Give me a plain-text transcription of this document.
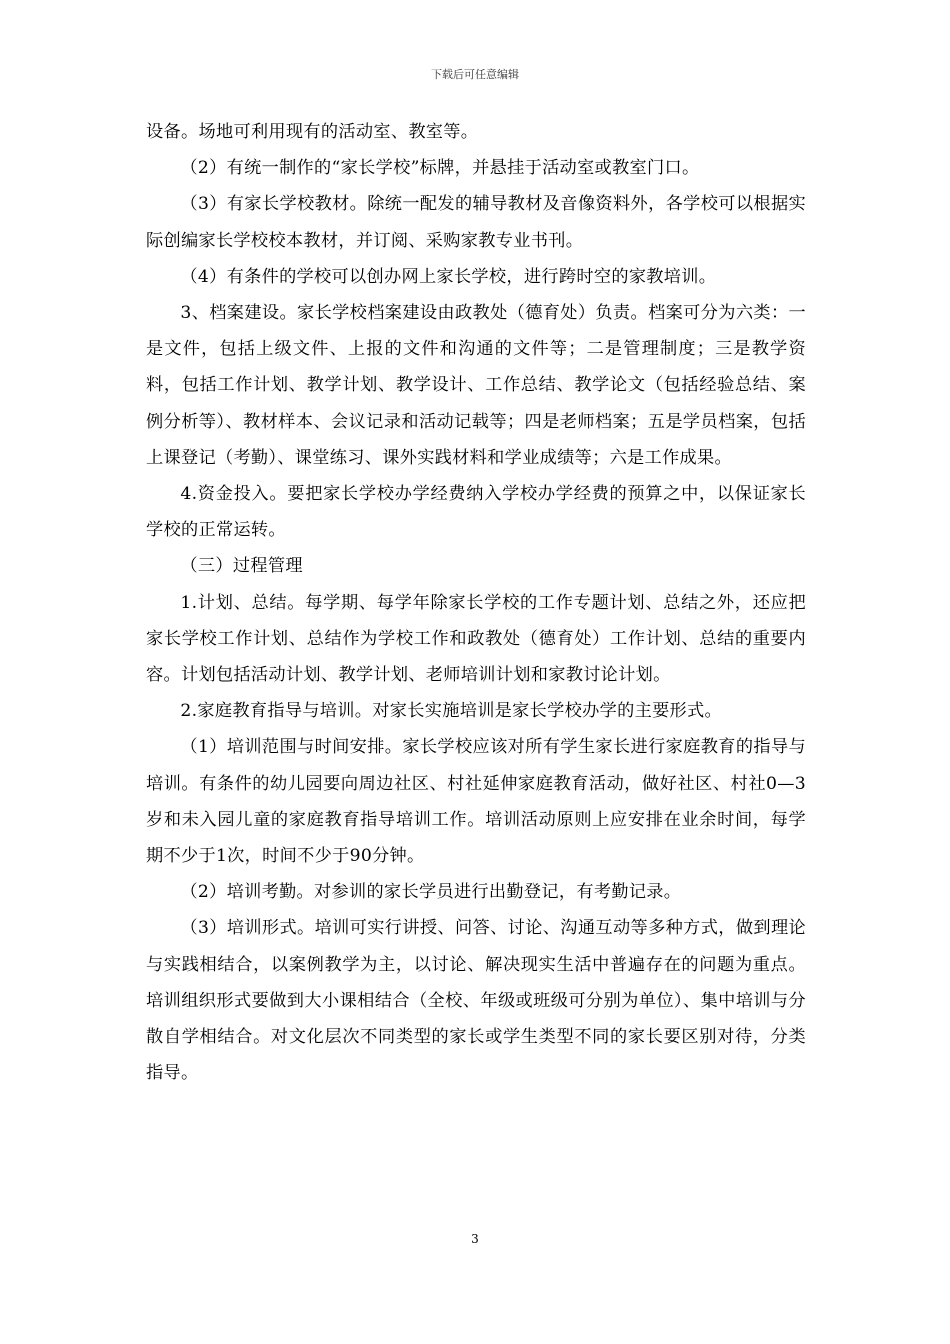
下载后可任意编辑

设备。场地可利用现有的活动室、教室等。

（2）有统一制作的“家长学校”标牌，并悬挂于活动室或教室门口。

（3）有家长学校教材。除统一配发的辅导教材及音像资料外，各学校可以根据实际创编家长学校校本教材，并订阅、采购家教专业书刊。

（4）有条件的学校可以创办网上家长学校，进行跨时空的家教培训。

3、档案建设。家长学校档案建设由政教处（德育处）负责。档案可分为六类：一是文件，包括上级文件、上报的文件和沟通的文件等；二是管理制度；三是教学资料，包括工作计划、教学计划、教学设计、工作总结、教学论文（包括经验总结、案例分析等）、教材样本、会议记录和活动记载等；四是老师档案；五是学员档案，包括上课登记（考勤）、课堂练习、课外实践材料和学业成绩等；六是工作成果。

4.资金投入。要把家长学校办学经费纳入学校办学经费的预算之中，以保证家长学校的正常运转。

（三）过程管理

1.计划、总结。每学期、每学年除家长学校的工作专题计划、总结之外，还应把家长学校工作计划、总结作为学校工作和政教处（德育处）工作计划、总结的重要内容。计划包括活动计划、教学计划、老师培训计划和家教讨论计划。

2.家庭教育指导与培训。对家长实施培训是家长学校办学的主要形式。

（1）培训范围与时间安排。家长学校应该对所有学生家长进行家庭教育的指导与培训。有条件的幼儿园要向周边社区、村社延伸家庭教育活动，做好社区、村社0—3岁和未入园儿童的家庭教育指导培训工作。培训活动原则上应安排在业余时间，每学期不少于1次，时间不少于90分钟。

（2）培训考勤。对参训的家长学员进行出勤登记，有考勤记录。

（3）培训形式。培训可实行讲授、问答、讨论、沟通互动等多种方式，做到理论与实践相结合，以案例教学为主，以讨论、解决现实生活中普遍存在的问题为重点。培训组织形式要做到大小课相结合（全校、年级或班级可分别为单位）、集中培训与分散自学相结合。对文化层次不同类型的家长或学生类型不同的家长要区别对待，分类指导。

3
